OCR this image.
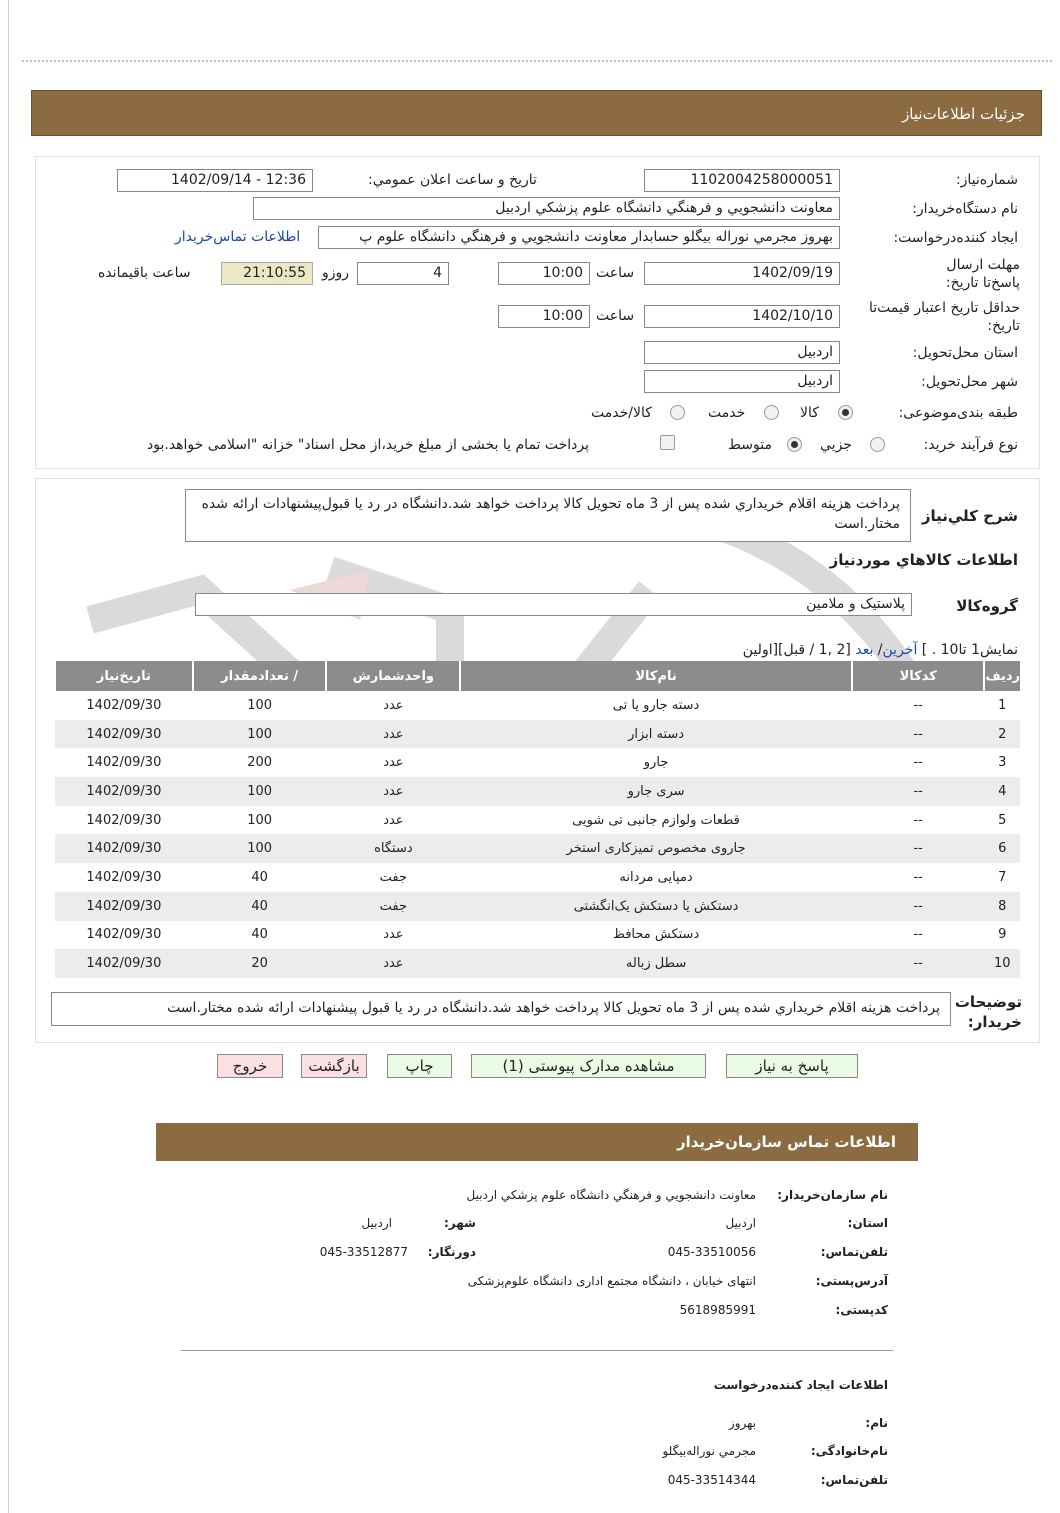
جزئیات اطلاعات‌نیاز
شماره‌نیاز:
1102004258000051
تاریخ و ساعت اعلان عمومي:
1402/09/14 - 12:36
نام دستگاه‌خریدار:
معاونت دانشجويي و فرهنگي دانشگاه علوم پزشكي اردبيل
ایجاد کننده‌درخواست:
بهروز مجرمي نوراله بيگلو حسابدار معاونت دانشجويي و فرهنگي دانشگاه علوم پ
اطلاعات تماس‌خریدار
مهلت ارسال پاسخ‌تا تاریخ:
1402/09/19
ساعت
10:00
4
روزو
21:10:55
ساعت باقیمانده
حداقل تاریخ اعتبار قیمت‌تا تاریخ:
1402/10/10
ساعت
10:00
استان محل‌تحویل:
اردبيل
شهر محل‌تحویل:
اردبيل
طبقه بندی‌موضوعی:
کالا
خدمت
کالا/خدمت
نوع فرآیند خرید:
جزيي
متوسط
پرداخت تمام یا بخشی از مبلغ خرید،از محل اسناد" خزانه "اسلامی خواهد.بود
شرح کلي‌نیاز
پرداخت هزينه اقلام خريداري شده پس از 3 ماه تحويل كالا پرداخت خواهد شد.دانشگاه در رد يا قبول‌پيشنهادات ارائه شده مختار.است
اطلاعات كالاهاي موردنیاز
گروه‌کالا
پلاستيک و ملامين
نمایش1 تا10 . ] آخرین/ بعد [2 ,1 / قبل][اولین
ردیف	کدکالا	نام‌کالا	واحدشمارش	/ تعدادمقدار	تاریخ‌نیاز
1	--	دسته جارو يا تی	عدد	100	1402/09/30
2	--	دسته ابزار	عدد	100	1402/09/30
3	--	جارو	عدد	200	1402/09/30
4	--	سری جارو	عدد	100	1402/09/30
5	--	قطعات ولوازم جانبی تی شويی	عدد	100	1402/09/30
6	--	جاروی مخصوص تميزکاری استخر	دستگاه	100	1402/09/30
7	--	دمپايی مردانه	جفت	40	1402/09/30
8	--	دستکش يا دستکش يک‌انگشتی	جفت	40	1402/09/30
9	--	دستکش محافظ	عدد	40	1402/09/30
10	--	سطل زباله	عدد	20	1402/09/30
توضیحات خریدار:
پرداخت هزينه اقلام خريداري شده پس از 3 ماه تحويل كالا پرداخت خواهد شد.دانشگاه در رد يا قبول پيشنهادات ارائه شده مختار.است
پاسخ به نیاز
مشاهده مدارک پیوستی (1)
چاپ
بازگشت
خروج
اطلاعات تماس سازمان‌خریدار
نام سازمان‌خریدار:
معاونت دانشجويي و فرهنگي دانشگاه علوم پزشكي اردبيل
استان:
اردبيل
شهر:
اردبيل
تلفن‌تماس:
045-33510056
دورنگار:
045-33512877
آدرس‌پستی:
انتهای خيابان ، دانشگاه مجتمع اداری دانشگاه علوم‌پزشکی
کدپستی:
5618985991
اطلاعات ایجاد کننده‌درخواست
نام:
بهروز
نام‌خانوادگی:
مجرمي نوراله‌بيگلو
تلفن‌تماس:
045-33514344
